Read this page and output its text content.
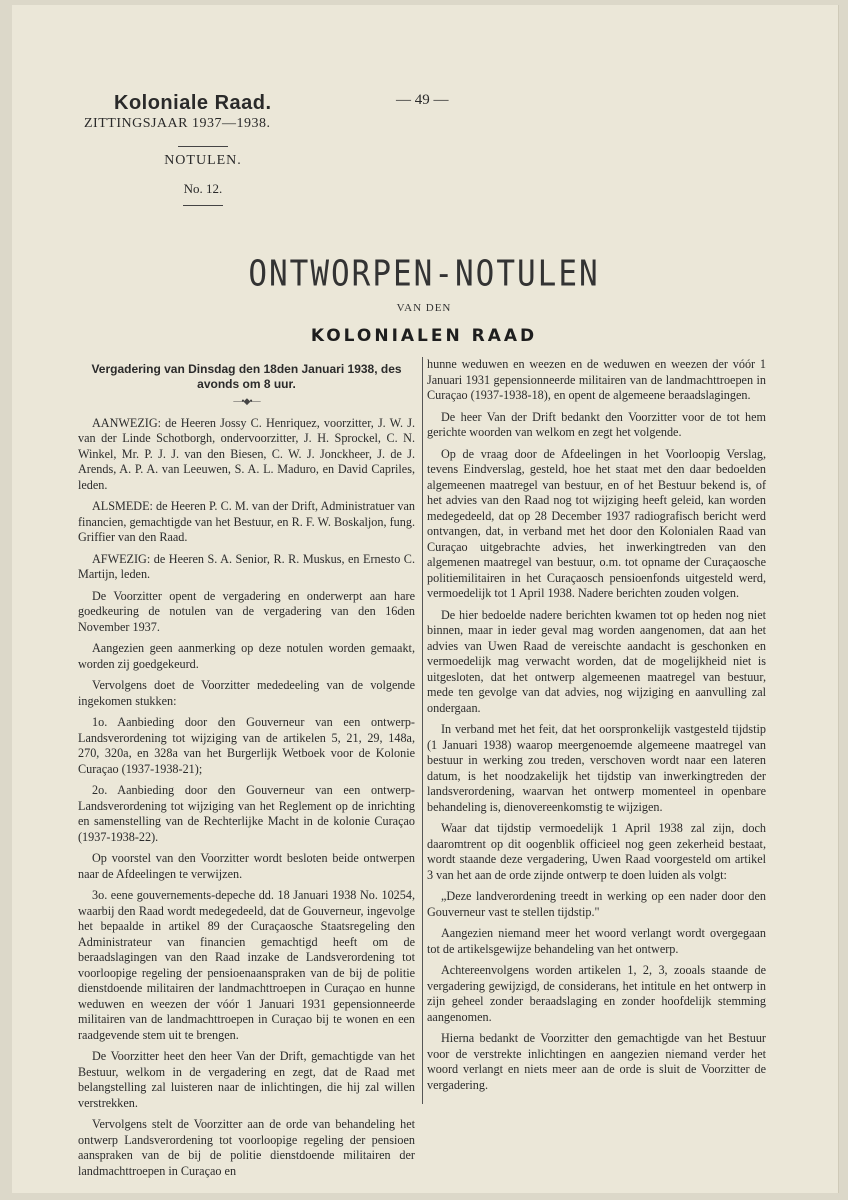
Koloniale Raad.
ZITTINGSJAAR 1937—1938.
NOTULEN.
No. 12.
— 49 —
ONTWORPEN-NOTULEN
VAN DEN
KOLONIALEN RAAD
Vergadering van Dinsdag den 18den Januari 1938, des avonds om 8 uur.
—•◆•—

AANWEZIG: de Heeren Jossy C. Henriquez, voorzitter, J. W. J. van der Linde Schotborgh, ondervoorzitter, J. H. Sprockel, C. N. Winkel, Mr. P. J. J. van den Biesen, C. W. J. Jonckheer, J. de J. Arends, A. P. A. van Leeuwen, S. A. L. Maduro, en David Capriles, leden.

ALSMEDE: de Heeren P. C. M. van der Drift, Administratuer van financien, gemachtigde van het Bestuur, en R. F. W. Boskaljon, fung. Griffier van den Raad.

AFWEZIG: de Heeren S. A. Senior, R. R. Muskus, en Ernesto C. Martijn, leden.

De Voorzitter opent de vergadering en onderwerpt aan hare goedkeuring de notulen van de vergadering van den 16den November 1937.

Aangezien geen aanmerking op deze notulen worden gemaakt, worden zij goedgekeurd.

Vervolgens doet de Voorzitter mededeeling van de volgende ingekomen stukken:

1o. Aanbieding door den Gouverneur van een ontwerp-Landsverordening tot wijziging van de artikelen 5, 21, 29, 148a, 270, 320a, en 328a van het Burgerlijk Wetboek voor de Kolonie Curaçao (1937-1938-21);

2o. Aanbieding door den Gouverneur van een ontwerp-Landsverordening tot wijziging van het Reglement op de inrichting en samenstelling van de Rechterlijke Macht in de kolonie Curaçao (1937-1938-22).

Op voorstel van den Voorzitter wordt besloten beide ontwerpen naar de Afdeelingen te verwijzen.

3o. eene gouvernements-depeche dd. 18 Januari 1938 No. 10254, waarbij den Raad wordt medegedeeld, dat de Gouverneur, ingevolge het bepaalde in artikel 89 der Curaçaosche Staatsregeling den Administrateur van financien gemachtigd heeft om de beraadslagingen van den Raad inzake de Landsverordening tot voorloopige regeling der pensioenaanspraken van de bij de politie dienstdoende militairen der landmachttroepen in Curaçao en hunne weduwen en weezen der vóór 1 Januari 1931 gepensionneerde militairen van de landmachttroepen in Curaçao bij te wonen en een raadgevende stem uit te brengen.

De Voorzitter heet den heer Van der Drift, gemachtigde van het Bestuur, welkom in de vergadering en zegt, dat de Raad met belangstelling zal luisteren naar de inlichtingen, die hij zal willen verstrekken.

Vervolgens stelt de Voorzitter aan de orde van behandeling het ontwerp Landsverordening tot voorloopige regeling der pensioen aanspraken van de bij de politie dienstdoende militairen der landmachttroepen in Curaçao en

hunne weduwen en weezen en de weduwen en weezen der vóór 1 Januari 1931 gepensionneerde militairen van de landmachttroepen in Curaçao (1937-1938-18), en opent de algemeene beraadslagingen.

De heer Van der Drift bedankt den Voorzitter voor de tot hem gerichte woorden van welkom en zegt het volgende.

Op de vraag door de Afdeelingen in het Voorloopig Verslag, tevens Eindverslag, gesteld, hoe het staat met den daar bedoelden algemeenen maatregel van bestuur, en of het Bestuur bekend is, of het advies van den Raad nog tot wijziging heeft geleid, kan worden medegedeeld, dat op 28 December 1937 radiografisch bericht werd ontvangen, dat, in verband met het door den Kolonialen Raad van Curaçao uitgebrachte advies, het inwerkingtreden van den algemenen maatregel van bestuur, o.m. tot opname der Curaçaosche politiemilitairen in het Curaçaosch pensioenfonds uitgesteld werd, vermoedelijk tot 1 April 1938. Nadere berichten zouden volgen.

De hier bedoelde nadere berichten kwamen tot op heden nog niet binnen, maar in ieder geval mag worden aangenomen, dat aan het advies van Uwen Raad de vereischte aandacht is geschonken en vermoedelijk mag verwacht worden, dat de mogelijkheid niet is uitgesloten, dat het ontwerp algemeenen maatregel van bestuur, mede ten gevolge van dat advies, nog wijziging en aanvulling zal ondergaan.

In verband met het feit, dat het oorspronkelijk vastgesteld tijdstip (1 Januari 1938) waarop meergenoemde algemeene maatregel van bestuur in werking zou treden, verschoven wordt naar een lateren datum, is het noodzakelijk het tijdstip van inwerkingtreden der landsverordening, waarvan het ontwerp momenteel in openbare behandeling is, dienovereenkomstig te wijzigen.

Waar dat tijdstip vermoedelijk 1 April 1938 zal zijn, doch daaromtrent op dit oogenblik officieel nog geen zekerheid bestaat, wordt staande deze vergadering, Uwen Raad voorgesteld om artikel 3 van het aan de orde zijnde ontwerp te doen luiden als volgt:

„Deze landverordening treedt in werking op een nader door den Gouverneur vast te stellen tijdstip."

Aangezien niemand meer het woord verlangt wordt overgegaan tot de artikelsgewijze behandeling van het ontwerp.

Achtereenvolgens worden artikelen 1, 2, 3, zooals staande de vergadering gewijzigd, de considerans, het intitule en het ontwerp in zijn geheel zonder beraadslaging en zonder hoofdelijk stemming aangenomen.

Hierna bedankt de Voorzitter den gemachtigde van het Bestuur voor de verstrekte inlichtingen en aangezien niemand verder het woord verlangt en niets meer aan de orde is sluit de Voorzitter de vergadering.
